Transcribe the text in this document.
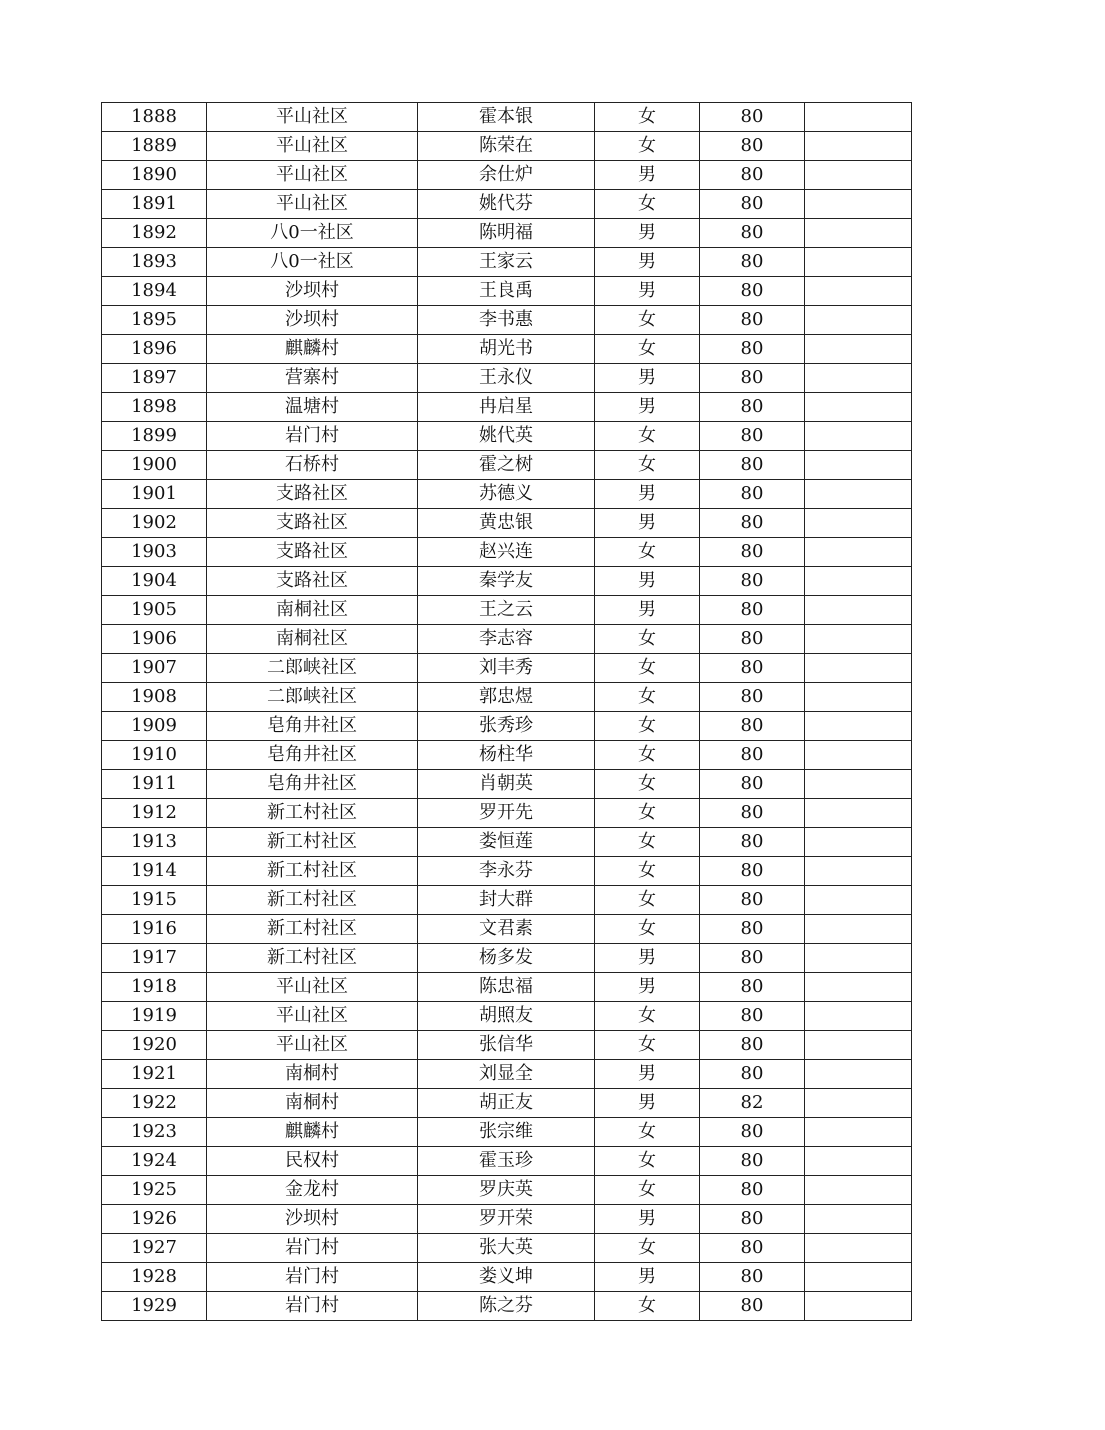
1888	平山社区	霍本银	女	80	
1889	平山社区	陈荣在	女	80	
1890	平山社区	余仕炉	男	80	
1891	平山社区	姚代芬	女	80	
1892	八0一社区	陈明福	男	80	
1893	八0一社区	王家云	男	80	
1894	沙坝村	王良禹	男	80	
1895	沙坝村	李书惠	女	80	
1896	麒麟村	胡光书	女	80	
1897	营寨村	王永仪	男	80	
1898	温塘村	冉启星	男	80	
1899	岩门村	姚代英	女	80	
1900	石桥村	霍之树	女	80	
1901	支路社区	苏德义	男	80	
1902	支路社区	黄忠银	男	80	
1903	支路社区	赵兴连	女	80	
1904	支路社区	秦学友	男	80	
1905	南桐社区	王之云	男	80	
1906	南桐社区	李志容	女	80	
1907	二郎峡社区	刘丰秀	女	80	
1908	二郎峡社区	郭忠煜	女	80	
1909	皂角井社区	张秀珍	女	80	
1910	皂角井社区	杨柱华	女	80	
1911	皂角井社区	肖朝英	女	80	
1912	新工村社区	罗开先	女	80	
1913	新工村社区	娄恒莲	女	80	
1914	新工村社区	李永芬	女	80	
1915	新工村社区	封大群	女	80	
1916	新工村社区	文君素	女	80	
1917	新工村社区	杨多发	男	80	
1918	平山社区	陈忠福	男	80	
1919	平山社区	胡照友	女	80	
1920	平山社区	张信华	女	80	
1921	南桐村	刘显全	男	80	
1922	南桐村	胡正友	男	82	
1923	麒麟村	张宗维	女	80	
1924	民权村	霍玉珍	女	80	
1925	金龙村	罗庆英	女	80	
1926	沙坝村	罗开荣	男	80	
1927	岩门村	张大英	女	80	
1928	岩门村	娄义坤	男	80	
1929	岩门村	陈之芬	女	80	
